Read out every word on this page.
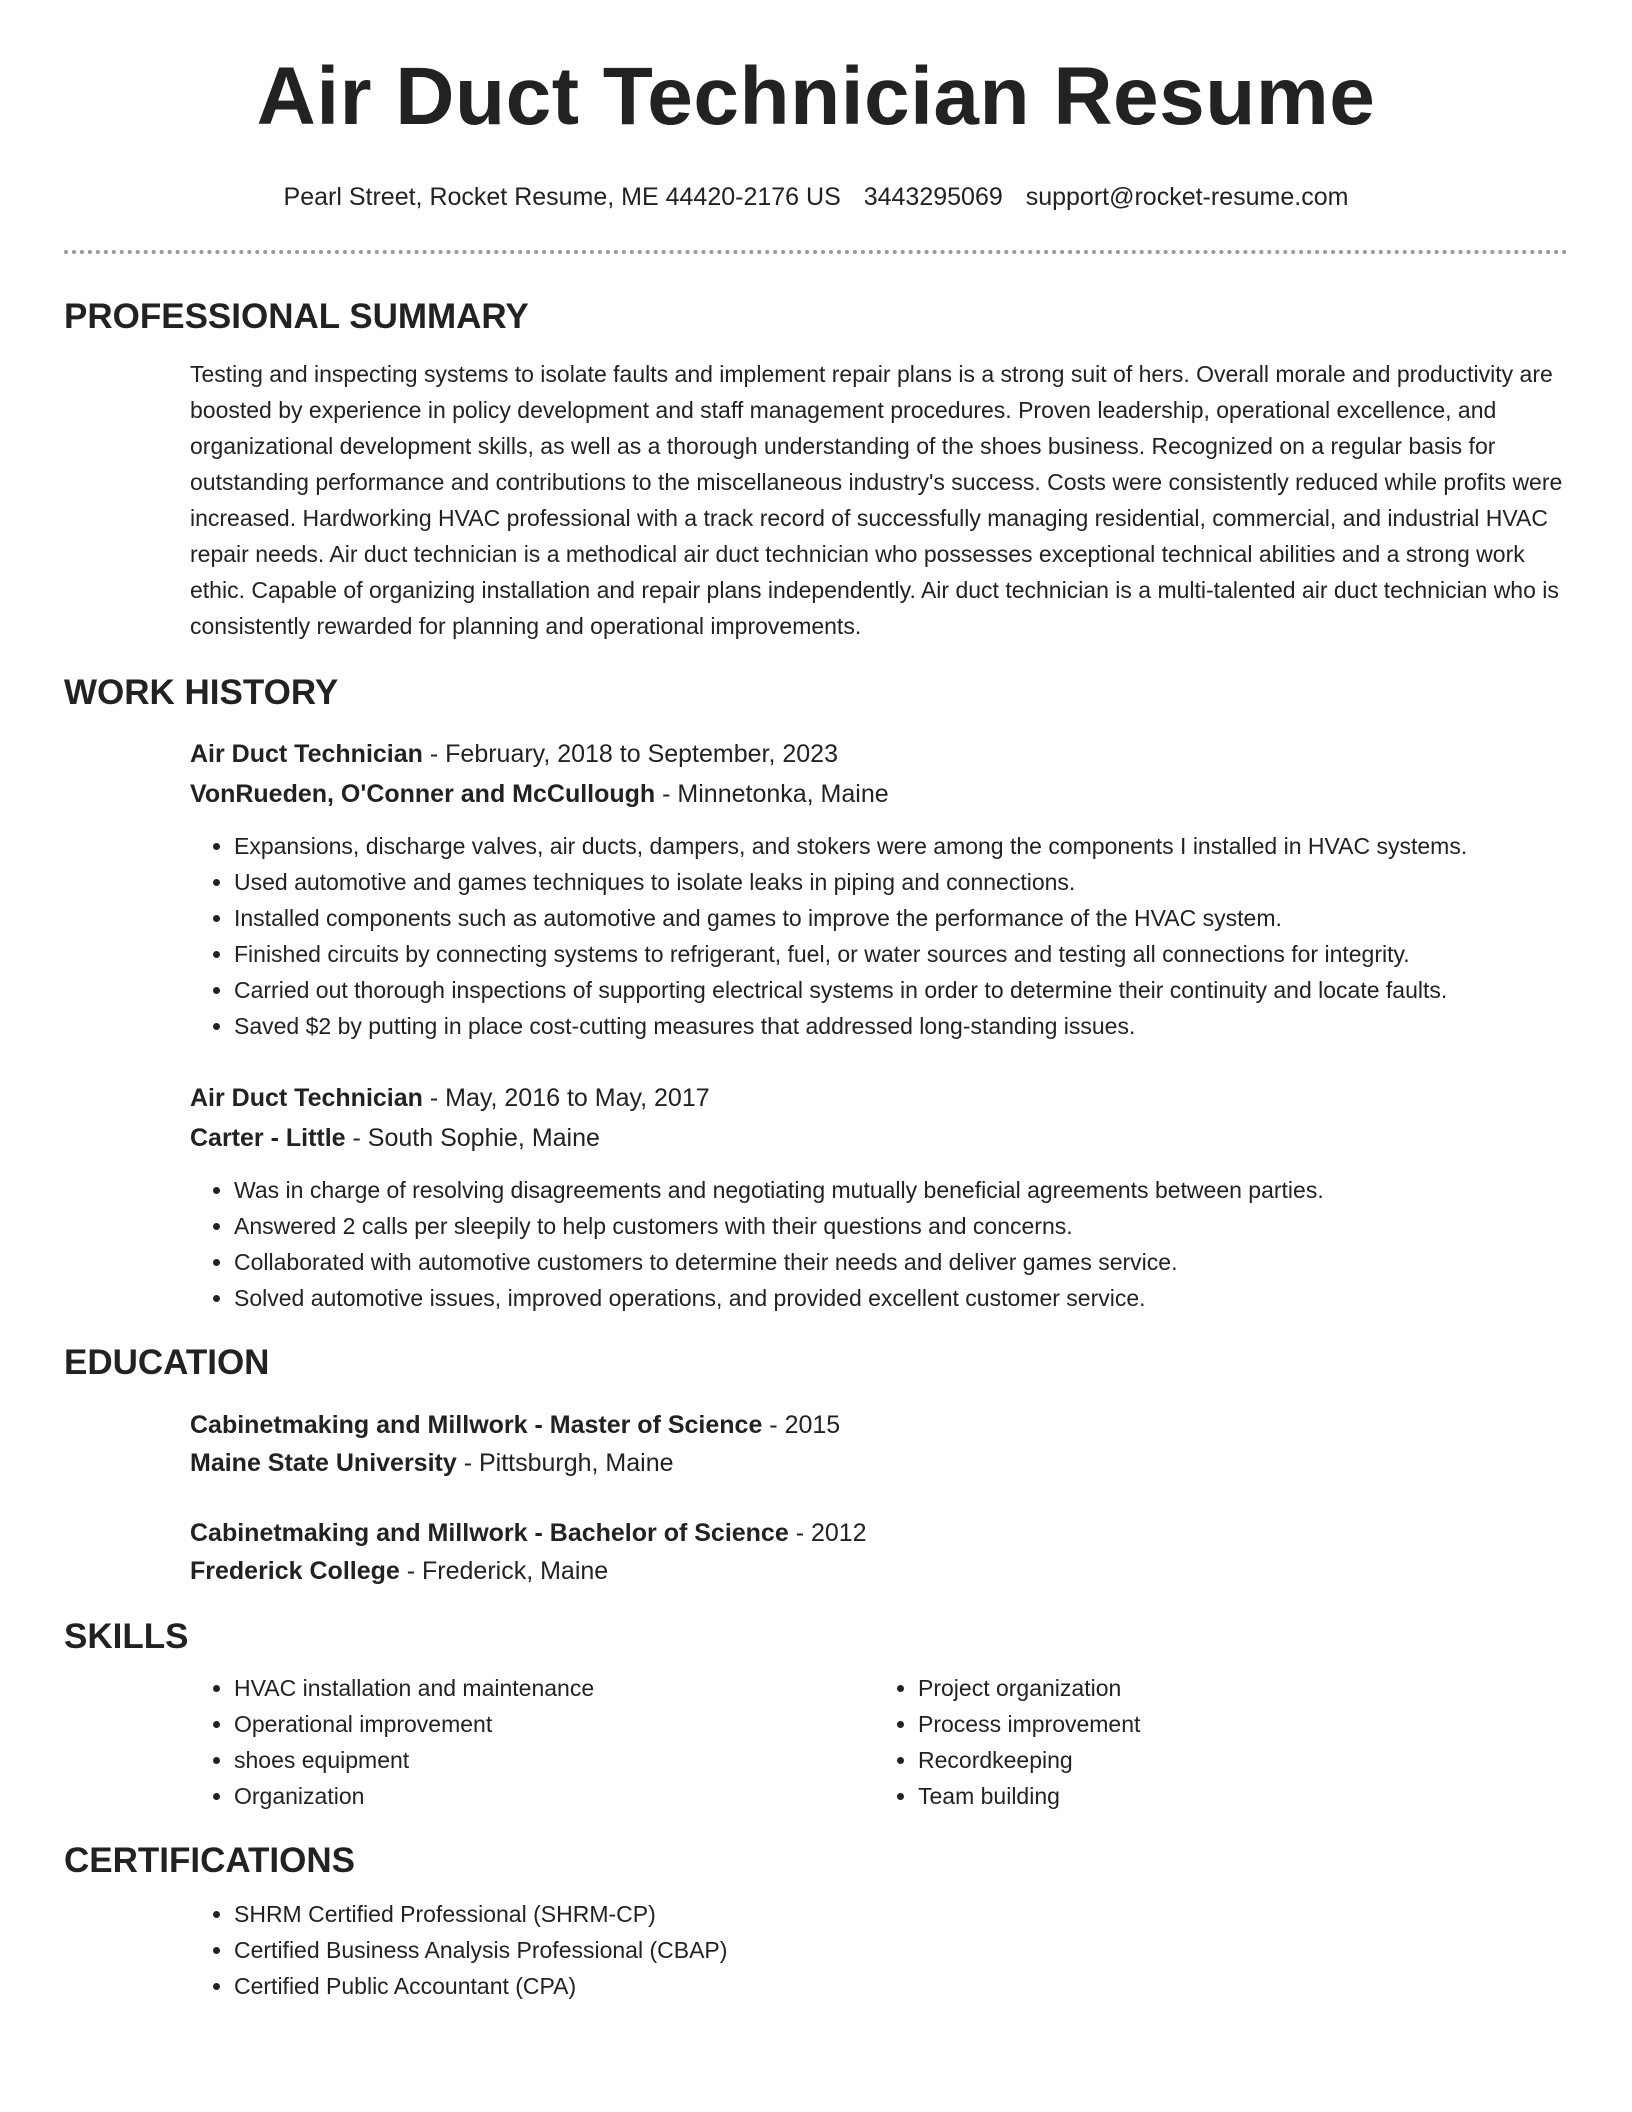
Air Duct Technician Resume
Pearl Street, Rocket Resume, ME 44420-2176 US 3443295069 support@rocket-resume.com
PROFESSIONAL SUMMARY

Testing and inspecting systems to isolate faults and implement repair plans is a strong suit of hers. Overall morale and productivity are boosted by experience in policy development and staff management procedures. Proven leadership, operational excellence, and organizational development skills, as well as a thorough understanding of the shoes business. Recognized on a regular basis for outstanding performance and contributions to the miscellaneous industry's success. Costs were consistently reduced while profits were increased. Hardworking HVAC professional with a track record of successfully managing residential, commercial, and industrial HVAC repair needs. Air duct technician is a methodical air duct technician who possesses exceptional technical abilities and a strong work ethic. Capable of organizing installation and repair plans independently. Air duct technician is a multi-talented air duct technician who is consistently rewarded for planning and operational improvements.

WORK HISTORY
Air Duct Technician - February, 2018 to September, 2023
VonRueden, O'Conner and McCullough - Minnetonka, Maine
• Expansions, discharge valves, air ducts, dampers, and stokers were among the components I installed in HVAC systems.
• Used automotive and games techniques to isolate leaks in piping and connections.
• Installed components such as automotive and games to improve the performance of the HVAC system.
• Finished circuits by connecting systems to refrigerant, fuel, or water sources and testing all connections for integrity.
• Carried out thorough inspections of supporting electrical systems in order to determine their continuity and locate faults.
• Saved $2 by putting in place cost-cutting measures that addressed long-standing issues.
Air Duct Technician - May, 2016 to May, 2017
Carter - Little - South Sophie, Maine
• Was in charge of resolving disagreements and negotiating mutually beneficial agreements between parties.
• Answered 2 calls per sleepily to help customers with their questions and concerns.
• Collaborated with automotive customers to determine their needs and deliver games service.
• Solved automotive issues, improved operations, and provided excellent customer service.
EDUCATION
Cabinetmaking and Millwork - Master of Science - 2015
Maine State University - Pittsburgh, Maine
Cabinetmaking and Millwork - Bachelor of Science - 2012
Frederick College - Frederick, Maine
SKILLS
• HVAC installation and maintenance
• Operational improvement
• shoes equipment
• Organization
• Project organization
• Process improvement
• Recordkeeping
• Team building
CERTIFICATIONS
• SHRM Certified Professional (SHRM-CP)
• Certified Business Analysis Professional (CBAP)
• Certified Public Accountant (CPA)
